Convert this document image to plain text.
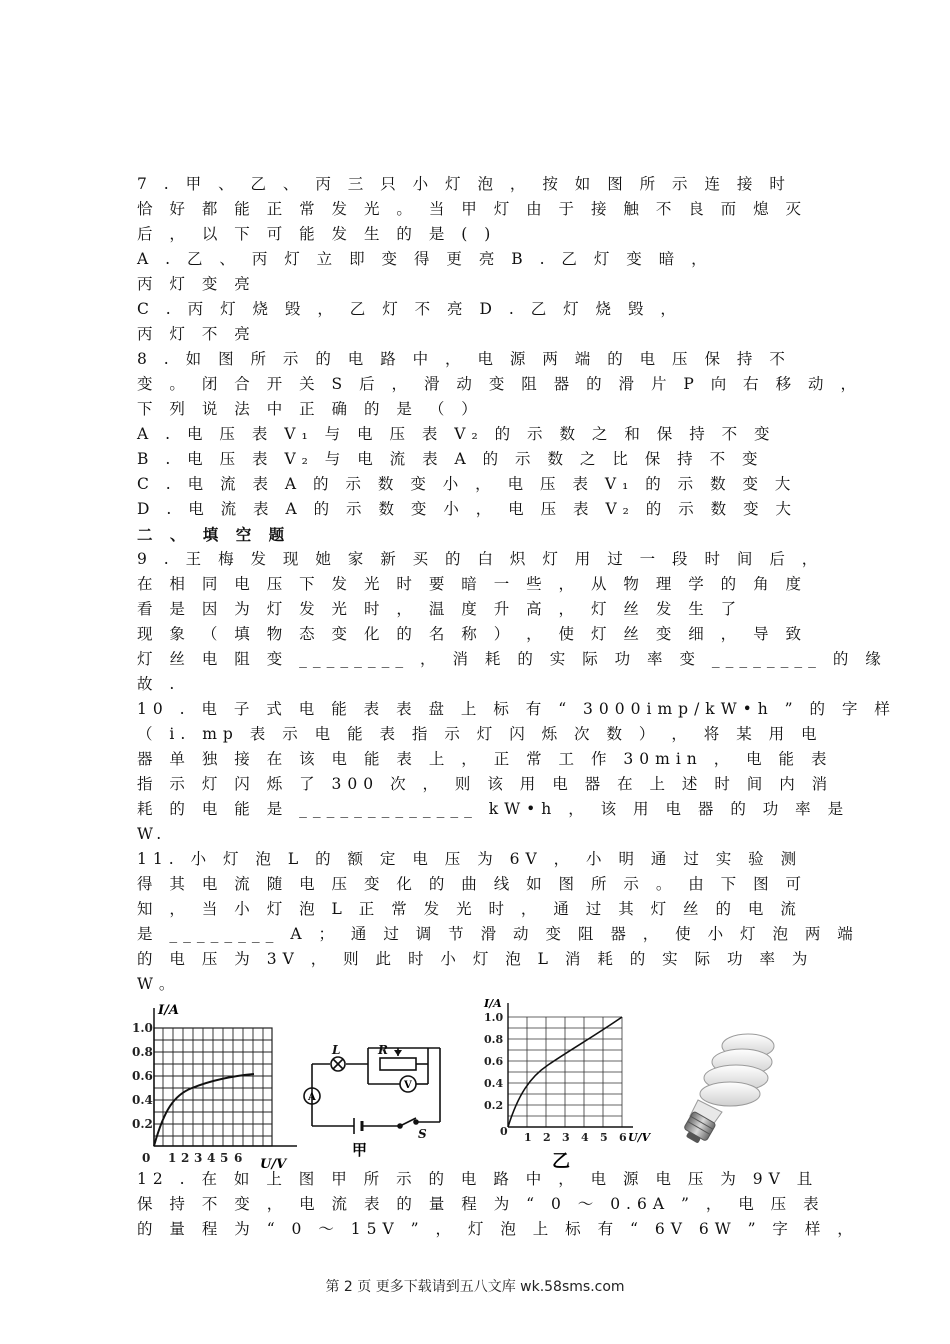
7 . 甲 、 乙 、 丙 三 只 小 灯 泡 ， 按 如 图 所 示 连 接 时
恰 好 都 能 正 常 发 光 。 当 甲 灯 由 于 接 触 不 良 而 熄 灭
后 ， 以 下 可 能 发 生 的 是 ( )
A . 乙 、 丙 灯 立 即 变 得 更 亮 B . 乙 灯 变 暗 ，
丙 灯 变 亮
C . 丙 灯 烧 毁 ， 乙 灯 不 亮 D . 乙 灯 烧 毁 ，
丙 灯 不 亮
8 . 如 图 所 示 的 电 路 中 ， 电 源 两 端 的 电 压 保 持 不
变 。 闭 合 开 关 S 后 ， 滑 动 变 阻 器 的 滑 片 P 向 右 移 动 ，
下 列 说 法 中 正 确 的 是 （ ）
A . 电 压 表 V₁ 与 电 压 表 V₂ 的 示 数 之 和 保 持 不 变
B . 电 压 表 V₂ 与 电 流 表 A 的 示 数 之 比 保 持 不 变
C . 电 流 表 A 的 示 数 变 小 ， 电 压 表 V₁ 的 示 数 变 大
D . 电 流 表 A 的 示 数 变 小 ， 电 压 表 V₂ 的 示 数 变 大
二 、 填 空 题
9 . 王 梅 发 现 她 家 新 买 的 白 炽 灯 用 过 一 段 时 间 后 ，
在 相 同 电 压 下 发 光 时 要 暗 一 些 ， 从 物 理 学 的 角 度
看 是 因 为 灯 发 光 时 ， 温 度 升 高 ， 灯 丝 发 生 了
现 象 （ 填 物 态 变 化 的 名 称 ） ， 使 灯 丝 变 细 ， 导 致
灯 丝 电 阻 变 ________ ， 消 耗 的 实 际 功 率 变 ________ 的 缘
故 .
10 . 电 子 式 电 能 表 表 盘 上 标 有 “ 3000imp/kW•h ” 的 字 样
（ i. mp 表 示 电 能 表 指 示 灯 闪 烁 次 数 ） ， 将 某 用 电
器 单 独 接 在 该 电 能 表 上 ， 正 常 工 作 30min ， 电 能 表
指 示 灯 闪 烁 了 300 次 ， 则 该 用 电 器 在 上 述 时 间 内 消
耗 的 电 能 是 _____________ kW•h ， 该 用 电 器 的 功 率 是
W.
11. 小 灯 泡 L 的 额 定 电 压 为 6V ， 小 明 通 过 实 验 测
得 其 电 流 随 电 压 变 化 的 曲 线 如 图 所 示 。 由 下 图 可
知 ， 当 小 灯 泡 L 正 常 发 光 时 ， 通 过 其 灯 丝 的 电 流
是 ________ A ； 通 过 调 节 滑 动 变 阻 器 ， 使 小 灯 泡 两 端
的 电 压 为 3V ， 则 此 时 小 灯 泡 L 消 耗 的 实 际 功 率 为
W。
12 . 在 如 上 图 甲 所 示 的 电 路 中 ， 电 源 电 压 为 9V 且
保 持 不 变 ， 电 流 表 的 量 程 为 “ 0 ～ 0.6A ” ， 电 压 表
的 量 程 为 “ 0 ～ 15V ” ， 灯 泡 上 标 有 “ 6V 6W ” 字 样 ，
I/A
1.0
0.8
0.6
0.4
0.2
0 1 2 3 4 5 6 U/V
L	R
S
V
A
甲
I/A
1.0
0.8
0.6
0.4
0.2
0 1 2 3 4 5 6 U/V
乙
第 2 页 更多下载请到五八文库 wk.58sms.com
